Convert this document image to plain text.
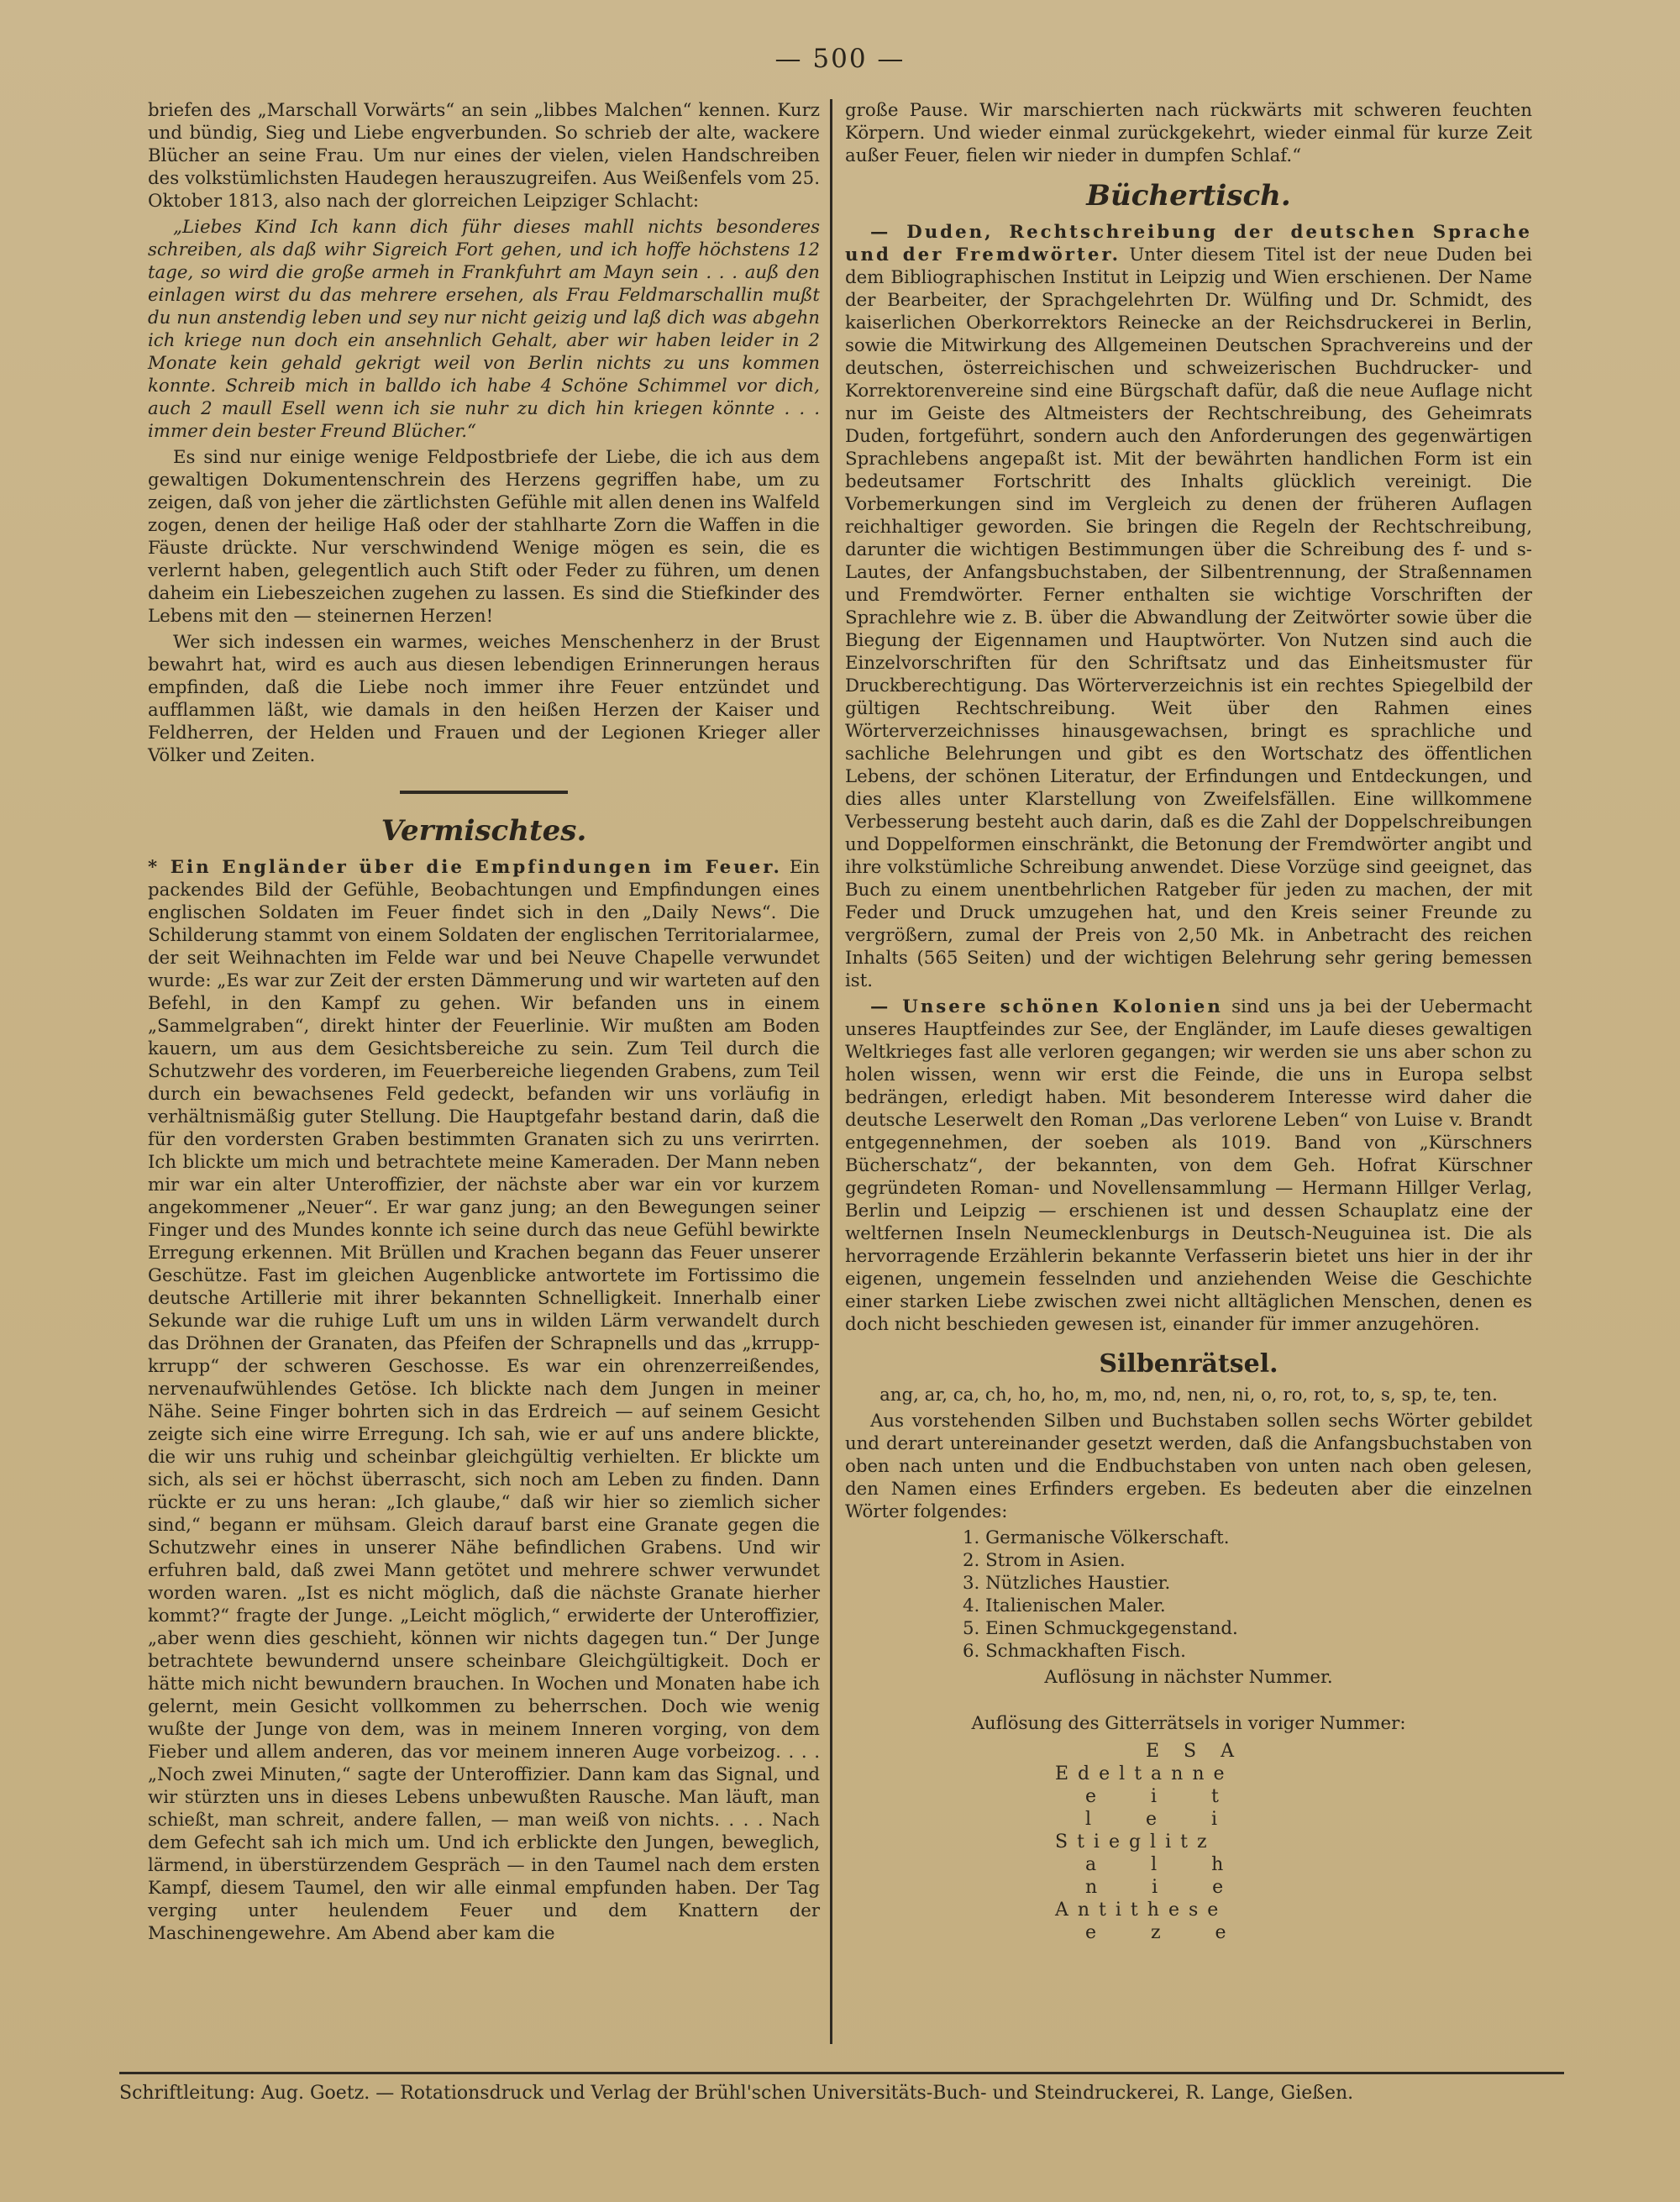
— 500 —

briefen des „Marschall Vorwärts“ an sein „libbes Malchen“ kennen. Kurz und bündig, Sieg und Liebe engverbunden. So schrieb der alte, wackere Blücher an seine Frau. Um nur eines der vielen, vielen Handschreiben des volkstümlichsten Haudegen herauszugreifen. Aus Weißenfels vom 25. Oktober 1813, also nach der glorreichen Leipziger Schlacht:

„Liebes Kind Ich kann dich führ dieses mahll nichts besonderes schreiben, als daß wihr Sigreich Fort gehen, und ich hoffe höchstens 12 tage, so wird die große armeh in Frankfuhrt am Mayn sein . . . auß den einlagen wirst du das mehrere ersehen, als Frau Feldmarschallin mußt du nun anstendig leben und sey nur nicht geizig und laß dich was abgehn ich kriege nun doch ein ansehnlich Gehalt, aber wir haben leider in 2 Monate kein gehald gekrigt weil von Berlin nichts zu uns kommen konnte. Schreib mich in balldo ich habe 4 Schöne Schimmel vor dich, auch 2 maull Esell wenn ich sie nuhr zu dich hin kriegen könnte . . . immer dein bester Freund Blücher.“

Es sind nur einige wenige Feldpostbriefe der Liebe, die ich aus dem gewaltigen Dokumentenschrein des Herzens gegriffen habe, um zu zeigen, daß von jeher die zärtlichsten Gefühle mit allen denen ins Walfeld zogen, denen der heilige Haß oder der stahlharte Zorn die Waffen in die Fäuste drückte. Nur verschwindend Wenige mögen es sein, die es verlernt haben, gelegentlich auch Stift oder Feder zu führen, um denen daheim ein Liebeszeichen zugehen zu lassen. Es sind die Stiefkinder des Lebens mit den — steinernen Herzen!

Wer sich indessen ein warmes, weiches Menschenherz in der Brust bewahrt hat, wird es auch aus diesen lebendigen Erinnerungen heraus empfinden, daß die Liebe noch immer ihre Feuer entzündet und aufflammen läßt, wie damals in den heißen Herzen der Kaiser und Feldherren, der Helden und Frauen und der Legionen Krieger aller Völker und Zeiten.

Vermischtes.

* Ein Engländer über die Empfindungen im Feuer. Ein packendes Bild der Gefühle, Beobachtungen und Empfindungen eines englischen Soldaten im Feuer findet sich in den „Daily News“. Die Schilderung stammt von einem Soldaten der englischen Territorialarmee, der seit Weihnachten im Felde war und bei Neuve Chapelle verwundet wurde: „Es war zur Zeit der ersten Dämmerung und wir warteten auf den Befehl, in den Kampf zu gehen. Wir befanden uns in einem „Sammelgraben“, direkt hinter der Feuerlinie. Wir mußten am Boden kauern, um aus dem Gesichtsbereiche zu sein. Zum Teil durch die Schutzwehr des vorderen, im Feuerbereiche liegenden Grabens, zum Teil durch ein bewachsenes Feld gedeckt, befanden wir uns vorläufig in verhältnismäßig guter Stellung. Die Hauptgefahr bestand darin, daß die für den vordersten Graben bestimmten Granaten sich zu uns verirrten. Ich blickte um mich und betrachtete meine Kameraden. Der Mann neben mir war ein alter Unteroffizier, der nächste aber war ein vor kurzem angekommener „Neuer“. Er war ganz jung; an den Bewegungen seiner Finger und des Mundes konnte ich seine durch das neue Gefühl bewirkte Erregung erkennen. Mit Brüllen und Krachen begann das Feuer unserer Geschütze. Fast im gleichen Augenblicke antwortete im Fortissimo die deutsche Artillerie mit ihrer bekannten Schnelligkeit. Innerhalb einer Sekunde war die ruhige Luft um uns in wilden Lärm verwandelt durch das Dröhnen der Granaten, das Pfeifen der Schrapnells und das „krrupp-krrupp“ der schweren Geschosse. Es war ein ohrenzerreißendes, nervenaufwühlendes Getöse. Ich blickte nach dem Jungen in meiner Nähe. Seine Finger bohrten sich in das Erdreich — auf seinem Gesicht zeigte sich eine wirre Erregung. Ich sah, wie er auf uns andere blickte, die wir uns ruhig und scheinbar gleichgültig verhielten. Er blickte um sich, als sei er höchst überrascht, sich noch am Leben zu finden. Dann rückte er zu uns heran: „Ich glaube,“ daß wir hier so ziemlich sicher sind,“ begann er mühsam. Gleich darauf barst eine Granate gegen die Schutzwehr eines in unserer Nähe befindlichen Grabens. Und wir erfuhren bald, daß zwei Mann getötet und mehrere schwer verwundet worden waren. „Ist es nicht möglich, daß die nächste Granate hierher kommt?“ fragte der Junge. „Leicht möglich,“ erwiderte der Unteroffizier, „aber wenn dies geschieht, können wir nichts dagegen tun.“ Der Junge betrachtete bewundernd unsere scheinbare Gleichgültigkeit. Doch er hätte mich nicht bewundern brauchen. In Wochen und Monaten habe ich gelernt, mein Gesicht vollkommen zu beherrschen. Doch wie wenig wußte der Junge von dem, was in meinem Inneren vorging, von dem Fieber und allem anderen, das vor meinem inneren Auge vorbeizog. . . . „Noch zwei Minuten,“ sagte der Unteroffizier. Dann kam das Signal, und wir stürzten uns in dieses Lebens unbewußten Rausche. Man läuft, man schießt, man schreit, andere fallen, — man weiß von nichts. . . . Nach dem Gefecht sah ich mich um. Und ich erblickte den Jungen, beweglich, lärmend, in überstürzendem Gespräch — in den Taumel nach dem ersten Kampf, diesem Taumel, den wir alle einmal empfunden haben. Der Tag verging unter heulendem Feuer und dem Knattern der Maschinengewehre. Am Abend aber kam die

große Pause. Wir marschierten nach rückwärts mit schweren feuchten Körpern. Und wieder einmal zurückgekehrt, wieder einmal für kurze Zeit außer Feuer, fielen wir nieder in dumpfen Schlaf.“

Büchertisch.

— Duden, Rechtschreibung der deutschen Sprache und der Fremdwörter. Unter diesem Titel ist der neue Duden bei dem Bibliographischen Institut in Leipzig und Wien erschienen. Der Name der Bearbeiter, der Sprachgelehrten Dr. Wülfing und Dr. Schmidt, des kaiserlichen Oberkorrektors Reinecke an der Reichsdruckerei in Berlin, sowie die Mitwirkung des Allgemeinen Deutschen Sprachvereins und der deutschen, österreichischen und schweizerischen Buchdrucker- und Korrektorenvereine sind eine Bürgschaft dafür, daß die neue Auflage nicht nur im Geiste des Altmeisters der Rechtschreibung, des Geheimrats Duden, fortgeführt, sondern auch den Anforderungen des gegenwärtigen Sprachlebens angepaßt ist. Mit der bewährten handlichen Form ist ein bedeutsamer Fortschritt des Inhalts glücklich vereinigt. Die Vorbemerkungen sind im Vergleich zu denen der früheren Auflagen reichhaltiger geworden. Sie bringen die Regeln der Rechtschreibung, darunter die wichtigen Bestimmungen über die Schreibung des f- und s-Lautes, der Anfangsbuchstaben, der Silbentrennung, der Straßennamen und Fremdwörter. Ferner enthalten sie wichtige Vorschriften der Sprachlehre wie z. B. über die Abwandlung der Zeitwörter sowie über die Biegung der Eigennamen und Hauptwörter. Von Nutzen sind auch die Einzelvorschriften für den Schriftsatz und das Einheitsmuster für Druckberechtigung. Das Wörterverzeichnis ist ein rechtes Spiegelbild der gültigen Rechtschreibung. Weit über den Rahmen eines Wörterverzeichnisses hinausgewachsen, bringt es sprachliche und sachliche Belehrungen und gibt es den Wortschatz des öffentlichen Lebens, der schönen Literatur, der Erfindungen und Entdeckungen, und dies alles unter Klarstellung von Zweifelsfällen. Eine willkommene Verbesserung besteht auch darin, daß es die Zahl der Doppelschreibungen und Doppelformen einschränkt, die Betonung der Fremdwörter angibt und ihre volkstümliche Schreibung anwendet. Diese Vorzüge sind geeignet, das Buch zu einem unentbehrlichen Ratgeber für jeden zu machen, der mit Feder und Druck umzugehen hat, und den Kreis seiner Freunde zu vergrößern, zumal der Preis von 2,50 Mk. in Anbetracht des reichen Inhalts (565 Seiten) und der wichtigen Belehrung sehr gering bemessen ist.

— Unsere schönen Kolonien sind uns ja bei der Uebermacht unseres Hauptfeindes zur See, der Engländer, im Laufe dieses gewaltigen Weltkrieges fast alle verloren gegangen; wir werden sie uns aber schon zu holen wissen, wenn wir erst die Feinde, die uns in Europa selbst bedrängen, erledigt haben. Mit besonderem Interesse wird daher die deutsche Leserwelt den Roman „Das verlorene Leben“ von Luise v. Brandt entgegennehmen, der soeben als 1019. Band von „Kürschners Bücherschatz“, der bekannten, von dem Geh. Hofrat Kürschner gegründeten Roman- und Novellensammlung — Hermann Hillger Verlag, Berlin und Leipzig — erschienen ist und dessen Schauplatz eine der weltfernen Inseln Neumecklenburgs in Deutsch-Neuguinea ist. Die als hervorragende Erzählerin bekannte Verfasserin bietet uns hier in der ihr eigenen, ungemein fesselnden und anziehenden Weise die Geschichte einer starken Liebe zwischen zwei nicht alltäglichen Menschen, denen es doch nicht beschieden gewesen ist, einander für immer anzugehören.

Silbenrätsel.
ang, ar, ca, ch, ho, ho, m, mo, nd, nen, ni, o, ro, rot, to, s, sp, te, ten.

Aus vorstehenden Silben und Buchstaben sollen sechs Wörter gebildet und derart untereinander gesetzt werden, daß die Anfangsbuchstaben von oben nach unten und die Endbuchstaben von unten nach oben gelesen, den Namen eines Erfinders ergeben. Es bedeuten aber die einzelnen Wörter folgendes:

1. Germanische Völkerschaft.
2. Strom in Asien.
3. Nützliches Haustier.
4. Italienischen Maler.
5. Einen Schmuckgegenstand.
6. Schmackhaften Fisch.
Auflösung in nächster Nummer.
Auflösung des Gitterrätsels in voriger Nummer:
E S A
Edeltanne
e   i   t
l   e   i
Stieglitz
a   l   h
n   i   e
Antithese
e   z   e
Schriftleitung: Aug. Goetz. — Rotationsdruck und Verlag der Brühl'schen Universitäts-Buch- und Steindruckerei, R. Lange, Gießen.
